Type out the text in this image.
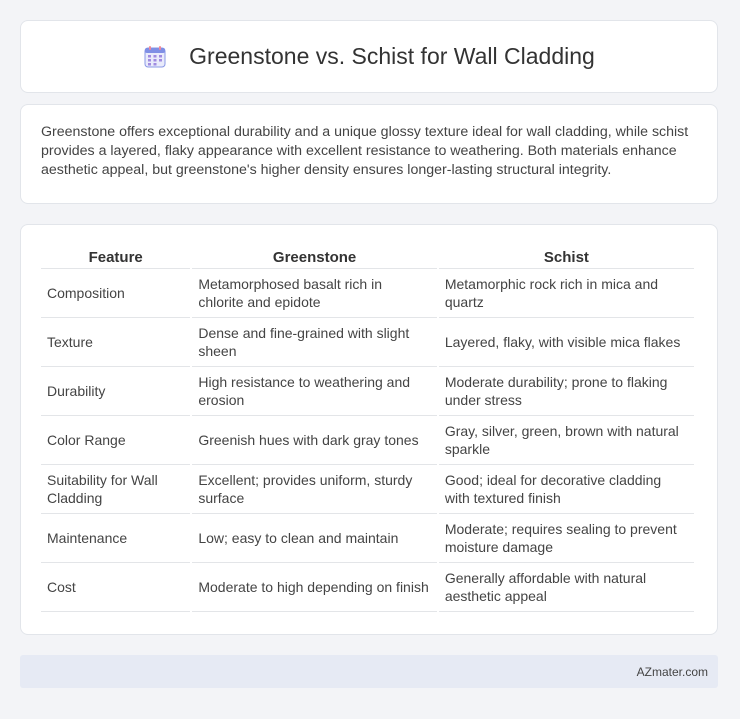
Greenstone vs. Schist for Wall Cladding

Greenstone offers exceptional durability and a unique glossy texture ideal for wall cladding, while schist provides a layered, flaky appearance with excellent resistance to weathering. Both materials enhance aesthetic appeal, but greenstone's higher density ensures longer-lasting structural integrity.

Feature	Greenstone	Schist
Composition	Metamorphosed basalt rich in chlorite and epidote	Metamorphic rock rich in mica and quartz
Texture	Dense and fine-grained with slight sheen	Layered, flaky, with visible mica flakes
Durability	High resistance to weathering and erosion	Moderate durability; prone to flaking under stress
Color Range	Greenish hues with dark gray tones	Gray, silver, green, brown with natural sparkle
Suitability for Wall Cladding	Excellent; provides uniform, sturdy surface	Good; ideal for decorative cladding with textured finish
Maintenance	Low; easy to clean and maintain	Moderate; requires sealing to prevent moisture damage
Cost	Moderate to high depending on finish	Generally affordable with natural aesthetic appeal
AZmater.com
